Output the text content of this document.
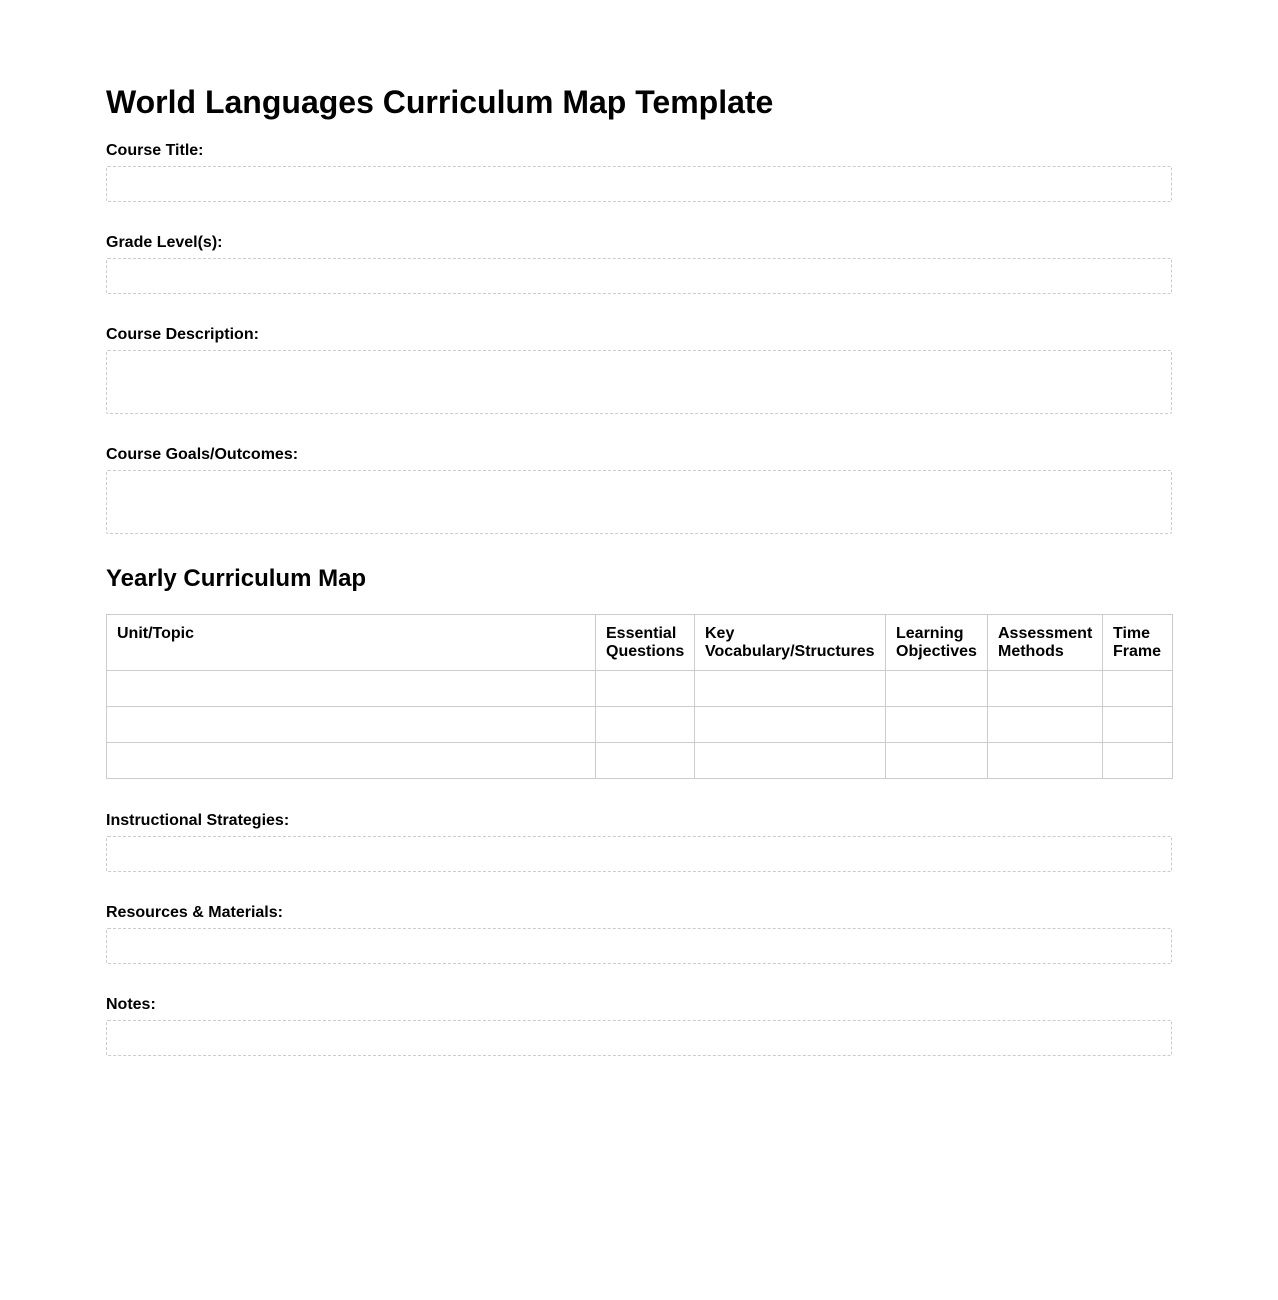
World Languages Curriculum Map Template
Course Title:
Grade Level(s):
Course Description:
Course Goals/Outcomes:
Yearly Curriculum Map
Unit/Topic	Essential Questions	Key Vocabulary/Structures	Learning Objectives	Assessment Methods	Time Frame

Instructional Strategies:
Resources & Materials:
Notes:
